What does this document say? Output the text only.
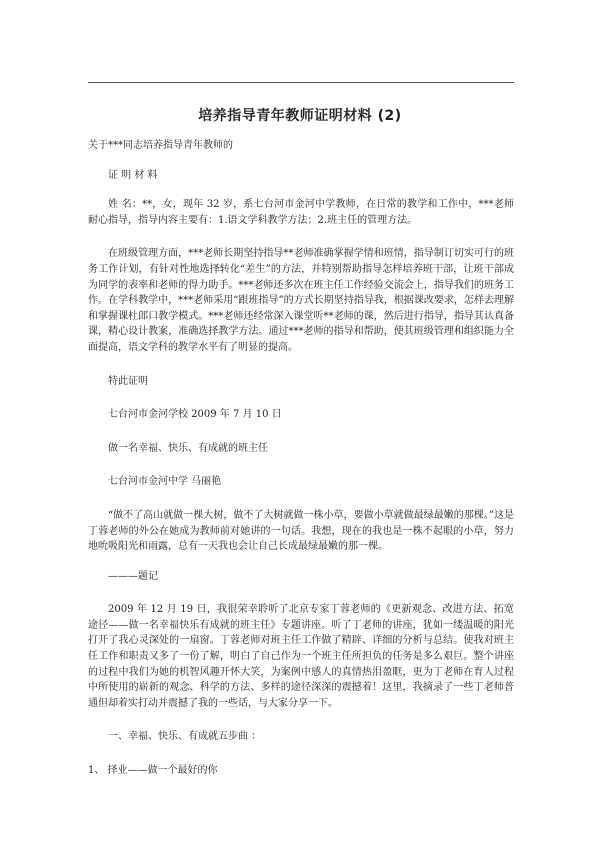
培养指导青年教师证明材料 (2)

关于***同志培养指导青年教师的

证 明 材 料

姓 名：**，女，现年 32 岁，系七台河市金河中学教师，在日常的教学和工作中，***老师耐心指导，指导内容主要有：1.语文学科教学方法；2.班主任的管理方法。

在班级管理方面，***老师长期坚持指导**老师准确掌握学情和班情，指导制订切实可行的班务工作计划，有针对性地选择转化“差生”的方法，并特别帮助指导怎样培养班干部，让班干部成为同学的表率和老师的得力助手。***老师还多次在班主任工作经验交流会上，指导我们的班务工作。在学科教学中，***老师采用“跟班指导”的方式长期坚持指导我，根据课改要求，怎样去理解和掌握课杜郎口教学模式。***老师还经常深入课堂听**老师的课，然后进行指导，指导其认真备课，精心设计教案，准确选择教学方法。通过***老师的指导和帮助，使其班级管理和组织能力全面提高，语文学科的教学水平有了明显的提高。

特此证明

七台河市金河学校 2009 年 7 月 10 日

做一名幸福、快乐、有成就的班主任

七台河市金河中学 马丽艳

“做不了高山就做一棵大树，做不了大树就做一株小草，要做小草就做最绿最嫩的那棵。”这是丁蓉老师的外公在她成为教师前对她讲的一句话。我想，现在的我也是一株不起眼的小草，努力地吮吸阳光和雨露，总有一天我也会让自己长成最绿最嫩的那一棵。

———题记

2009 年 12 月 19 日，我很荣幸聆听了北京专家丁蓉老师的《更新观念、改进方法、拓宽途径——做一名幸福快乐有成就的班主任》专题讲座。听了丁老师的讲座，犹如一缕温暖的阳光打开了我心灵深处的一扇窗。丁蓉老师对班主任工作做了精辟、详细的分析与总结。使我对班主任工作和职责又多了一份了解，明白了自己作为一个班主任所担负的任务是多么艰巨。整个讲座的过程中我们为她的机智风趣开怀大笑，为案例中感人的真情热泪盈眶，更为丁老师在育人过程中所使用的崭新的观念、科学的方法、多样的途径深深的震撼着！这里，我摘录了一些丁老师普通但却着实打动并震撼了我的一些话，与大家分享一下。

一、幸福、快乐、有成就五步曲 ：

1、 择业——做一个最好的你
